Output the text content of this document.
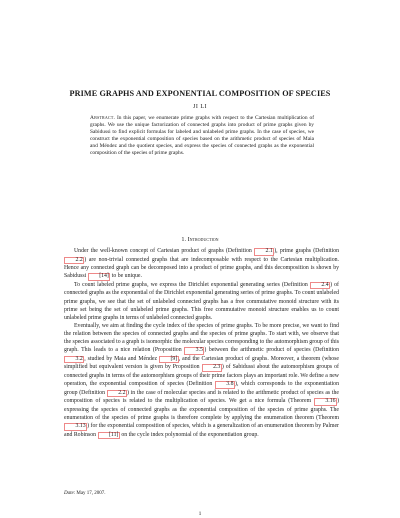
PRIME GRAPHS AND EXPONENTIAL COMPOSITION OF SPECIES
JI LI
Abstract. In this paper, we enumerate prime graphs with respect to the Cartesian multiplication of graphs. We use the unique factorization of connected graphs into product of prime graphs given by Sabidussi to find explicit formulas for labeled and unlabeled prime graphs. In the case of species, we construct the exponential composition of species based on the arithmetic product of species of Maia and Méndez and the quotient species, and express the species of connected graphs as the exponential composition of the species of prime graphs.
1. Introduction

Under the well-known concept of Cartesian product of graphs (Definition 2.1 ), prime graphs (Definition 2.2 ) are non-trivial connected graphs that are indecomposable with respect to the Cartesian multiplication. Hence any connected graph can be decomposed into a product of prime graphs, and this decomposition is shown by Sabidussi [14] to be unique.

To count labeled prime graphs, we express the Dirichlet exponential generating series (Definition 2.4 ) of connected graphs as the exponential of the Dirichlet exponential generating series of prime graphs. To count unlabeled prime graphs, we see that the set of unlabeled connected graphs has a free commutative monoid structure with its prime set being the set of unlabeled prime graphs. This free commutative monoid structure enables us to count unlabeled prime graphs in terms of unlabeled connected graphs.

Eventually, we aim at finding the cycle index of the species of prime graphs. To be more precise, we want to find the relation between the species of connected graphs and the species of prime graphs. To start with, we observe that the species associated to a graph is isomorphic the molecular species corresponding to the automorphism group of this graph. This leads to a nice relation (Proposition 3.5 ) between the arithmetic product of species (Definition 3.2 , studied by Maia and Méndez [9] , and the Cartesian product of graphs. Moreover, a theorem (whose simplified but equivalent version is given by Proposition 2.3 ) of Sabidussi about the automorphism groups of connected graphs in terms of the automorphism groups of their prime factors plays an important role. We define a new operation, the exponential composition of species (Definition 3.8 ), which corresponds to the exponentiation group (Definition 2.2 ) in the case of molecular species and is related to the arithmetic product of species as the composition of species is related to the multiplication of species. We get a nice formula (Theorem 3.16 ) expressing the species of connected graphs as the exponential composition of the species of prime graphs. The enumeration of the species of prime graphs is therefore complete by applying the enumeration theorem (Theorem 3.13 ) for the exponential composition of species, which is a generalization of an enumeration theorem by Palmer and Robinson [11] on the cycle index polynomial of the exponentiation group.

Date: May 17, 2007.
1
